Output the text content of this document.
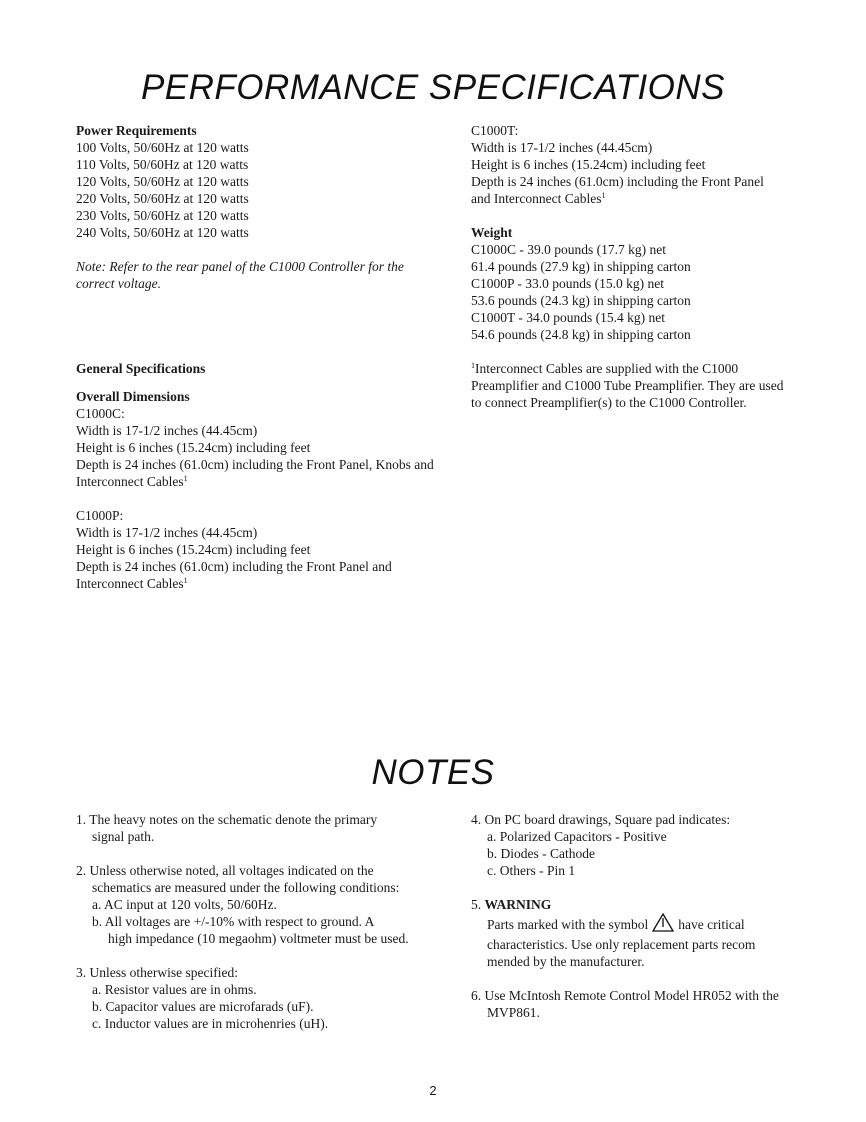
PERFORMANCE SPECIFICATIONS

Power Requirements

100 Volts, 50/60Hz at 120 watts

110 Volts, 50/60Hz at 120 watts

120 Volts, 50/60Hz at 120 watts

220 Volts, 50/60Hz at 120 watts

230 Volts, 50/60Hz at 120 watts

240 Volts, 50/60Hz at 120 watts

Note: Refer to the rear panel of the C1000 Controller for the

correct voltage.

General Specifications

Overall Dimensions

C1000C:

Width is 17-1/2 inches (44.45cm)

Height is 6 inches (15.24cm) including feet

Depth is 24 inches (61.0cm) including the Front Panel, Knobs and

Interconnect Cables$^1$

C1000P:

Width is 17-1/2 inches (44.45cm)

Height is 6 inches (15.24cm) including feet

Depth is 24 inches (61.0cm) including the Front Panel and

Interconnect Cables$^1$

C1000T:

Width is 17-1/2 inches (44.45cm)

Height is 6 inches (15.24cm) including feet

Depth is 24 inches (61.0cm) including the Front Panel

and Interconnect Cables$^1$

Weight

C1000C - 39.0 pounds (17.7 kg) net

61.4 pounds (27.9 kg) in shipping carton

C1000P - 33.0 pounds (15.0 kg) net

53.6 pounds (24.3 kg) in shipping carton

C1000T - 34.0 pounds (15.4 kg) net

54.6 pounds (24.8 kg) in shipping carton

$^1$Interconnect Cables are supplied with the C1000

Preamplifier and C1000 Tube Preamplifier. They are used

to connect Preamplifier(s) to the C1000 Controller.

NOTES

1. The heavy notes on the schematic denote the primary

signal path.

2. Unless otherwise noted, all voltages indicated on the

schematics are measured under the following conditions:

a. AC input at 120 volts, 50/60Hz.

b. All voltages are +/-10% with respect to ground. A

high impedance (10 megaohm) voltmeter must be used.

3. Unless otherwise specified:

a. Resistor values are in ohms.

b. Capacitor values are microfarads (uF).

c. Inductor values are in microhenries (uH).

4. On PC board drawings, Square pad indicates:

a. Polarized Capacitors - Positive

b. Diodes - Cathode

c. Others - Pin 1

5. WARNING

Parts marked with the symbol have critical

characteristics. Use only replacement parts recom

mended by the manufacturer.

6. Use McIntosh Remote Control Model HR052 with the

MVP861.

2
